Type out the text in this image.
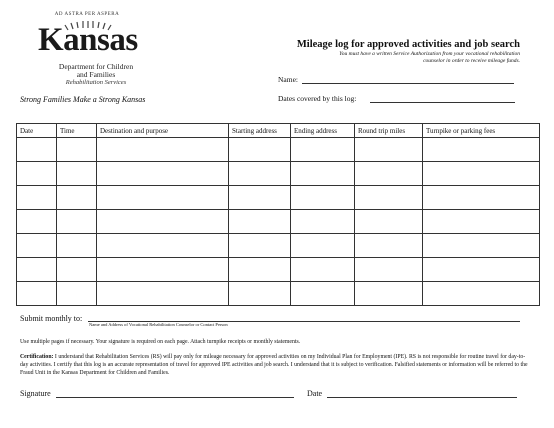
AD ASTRA PER ASPERA
Kansas
Department for Children
and Families
Rehabilitation Services
Strong Families Make a Strong Kansas
Mileage log for approved activities and job search
You must have a written Service Authorization from your vocational rehabilitation
counselor in order to receive mileage funds.
Name:
Dates covered by this log:
Date	Time	Destination and purpose	Starting address	Ending address	Round trip miles	Turnpike or parking fees

Submit monthly to:
Name and Address of Vocational Rehabilitation Counselor or Contact Person
Use multiple pages if necessary. Your signature is required on each page. Attach turnpike receipts or monthly statements.
Certification: I understand that Rehabilitation Services (RS) will pay only for mileage necessary for approved activities on my Individual Plan for Employment (IPE). RS is not responsible for routine travel for day-to-day activities. I certify that this log is an accurate representation of travel for approved IPE activities and job search. I understand that it is subject to verification. Falsified statements or information will be referred to the Fraud Unit in the Kansas Department for Children and Families.
Signature	Date
